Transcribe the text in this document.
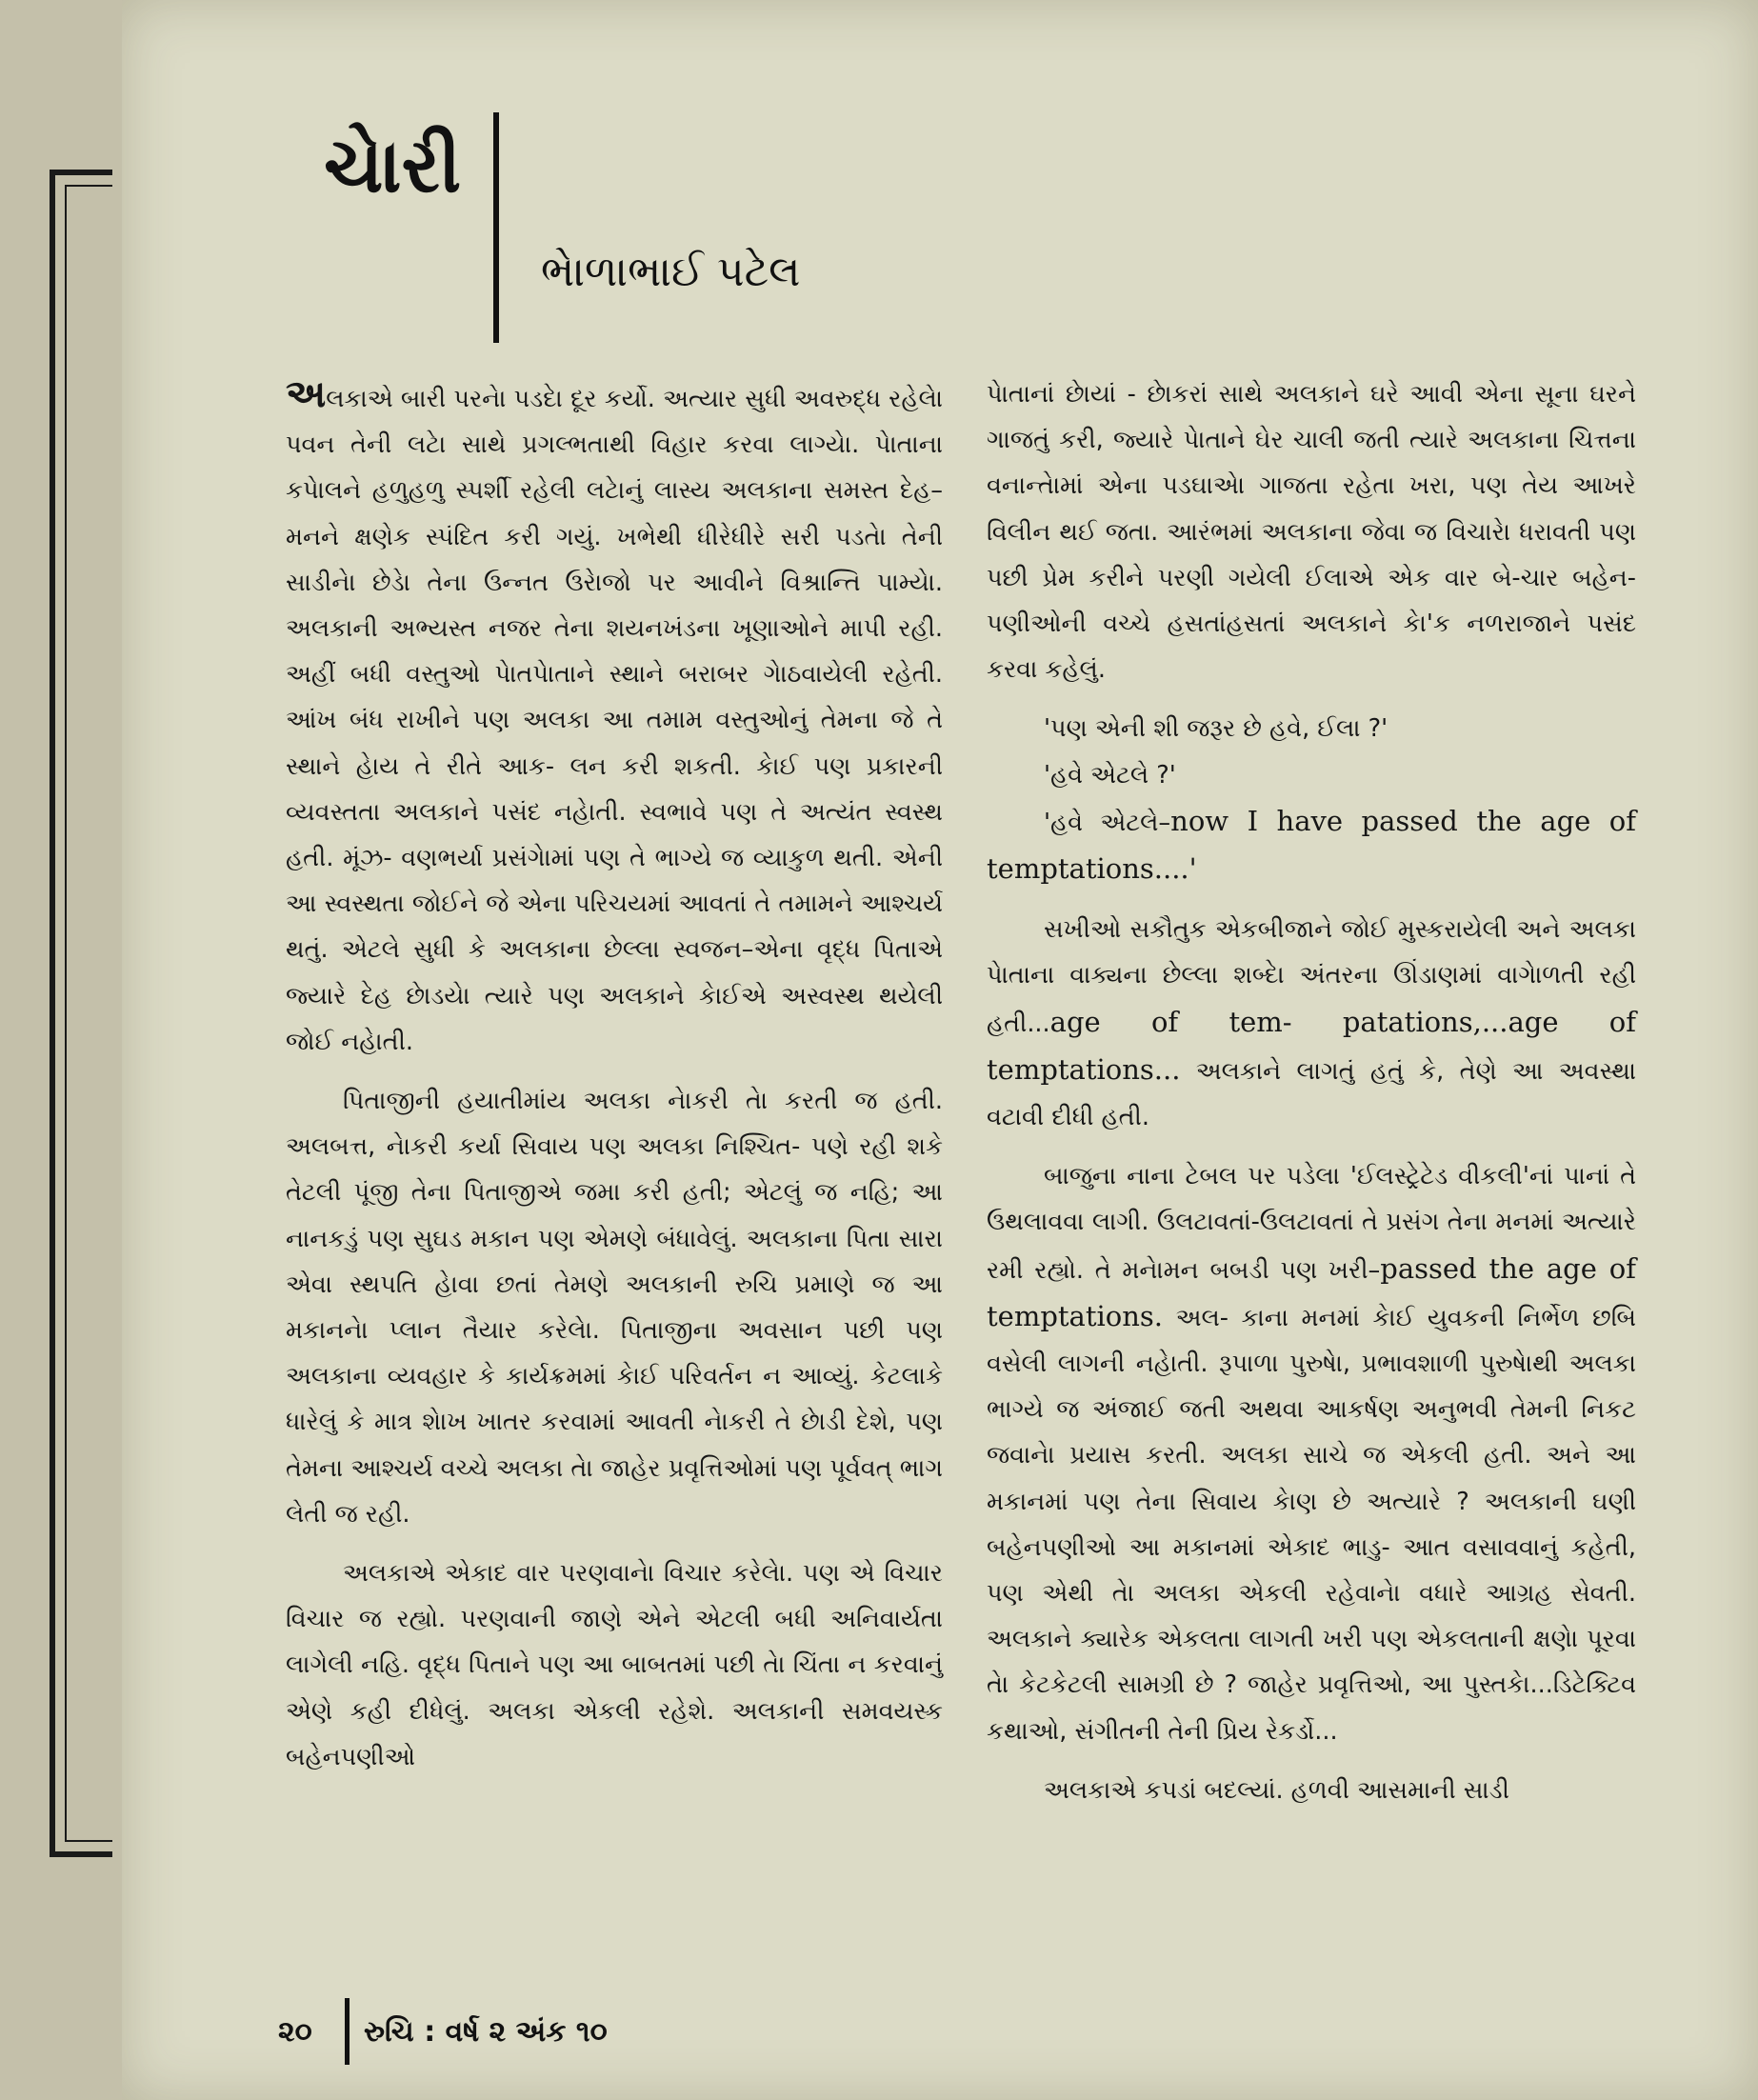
ચેારી
ભેાળાભાઈ પટેલ

અલકાએ બારી પરનેા પડદેા દૂર કર્યો. અત્યાર સુધી અવરુદ્ધ રહેલેા પવન તેની લટેા સાથે પ્રગલ્ભતાથી વિહાર કરવા લાગ્યેા. પેાતાના કપેાલને હળુહળુ સ્પર્શી રહેલી લટેાનું લાસ્ય અલકાના સમસ્ત દેહ–મનને ક્ષણેક સ્પંદિત કરી ગયું. ખભેથી ધીરેધીરે સરી પડતેા તેની સાડીનેા છેડેા તેના ઉન્નત ઉરેાજો પર આવીને વિશ્રાન્તિ પામ્યેા. અલકાની અભ્યસ્ત નજર તેના શયનખંડના ખૂણાઓને માપી રહી. અહીં બધી વસ્તુઓ પેાતપેાતાને સ્થાને બરાબર ગેાઠવાયેલી રહેતી. આંખ બંધ રાખીને પણ અલકા આ તમામ વસ્તુઓનું તેમના જે તે સ્થાને હેાય તે રીતે આક- લન કરી શકતી. કેાઈ પણ પ્રકારની વ્યવસ્તતા અલકાને પસંદ નહેાતી. સ્વભાવે પણ તે અત્યંત સ્વસ્થ હતી. મૂંઝ- વણભર્યા પ્રસંગેામાં પણ તે ભાગ્યે જ વ્યાકુળ થતી. એની આ સ્વસ્થતા જોઈને જે એના પરિચયમાં આવતાં તે તમામને આશ્ચર્ય થતું. એટલે સુધી કે અલકાના છેલ્લા સ્વજન–એના વૃદ્ધ પિતાએ જ્યારે દેહ છેાડયેા ત્યારે પણ અલકાને કેાઈએ અસ્વસ્થ થયેલી જોઈ નહેાતી.

પિતાજીની હયાતીમાંય અલકા નેાકરી તેા કરતી જ હતી. અલબત્ત, નેાકરી કર્યા સિવાય પણ અલકા નિશ્ચિત- પણે રહી શકે તેટલી પૂંજી તેના પિતાજીએ જમા કરી હતી; એટલું જ નહિ; આ નાનકડું પણ સુઘડ મકાન પણ એમણે બંધાવેલું. અલકાના પિતા સારા એવા સ્થપતિ હેાવા છતાં તેમણે અલકાની રુચિ પ્રમાણે જ આ મકાનનેા પ્લાન તૈયાર કરેલેા. પિતાજીના અવસાન પછી પણ અલકાના વ્યવહાર કે કાર્યક્રમમાં કેાઈ પરિવર્તન ન આવ્યું. કેટલાકે ધારેલું કે માત્ર શેાખ ખાતર કરવામાં આવતી નેાકરી તે છેાડી દેશે, પણ તેમના આશ્ચર્ય વચ્ચે અલકા તેા જાહેર પ્રવૃત્તિઓમાં પણ પૂર્વવત્ ભાગ લેતી જ રહી.

અલકાએ એકાદ વાર પરણવાનેા વિચાર કરેલેા. પણ એ વિચાર વિચાર જ રહ્યો. પરણવાની જાણે એને એટલી બધી અનિવાર્યતા લાગેલી નહિ. વૃદ્ધ પિતાને પણ આ બાબતમાં પછી તેા ચિંતા ન કરવાનું એણે કહી દીધેલું. અલકા એકલી રહેશે. અલકાની સમવયસ્ક બહેનપણીઓ

પેાતાનાં છેાયાં - છેાકરાં સાથે અલકાને ઘરે આવી એના સૂના ઘરને ગાજતું કરી, જ્યારે પેાતાને ઘેર ચાલી જતી ત્યારે અલકાના ચિત્તના વનાન્તેામાં એના પડઘાએા ગાજતા રહેતા ખરા, પણ તેય આખરે વિલીન થઈ જતા. આરંભમાં અલકાના જેવા જ વિચારેા ધરાવતી પણ પછી પ્રેમ કરીને પરણી ગયેલી ઈલાએ એક વાર બે-ચાર બહેન- પણીઓની વચ્ચે હસતાંહસતાં અલકાને કેા'ક નળરાજાને પસંદ કરવા કહેલું.

'પણ એની શી જરૂર છે હવે, ઈલા ?'

'હવે એટલે ?'

'હવે એટલે–now I have passed the age of temptations....'

સખીઓ સકૌતુક એકબીજાને જોઈ મુસ્કરાયેલી અને અલકા પેાતાના વાક્યના છેલ્લા શબ્દેા અંતરના ઊંડાણમાં વાગેાળતી રહી હતી...age of tem- patations,...age of temptations... અલકાને લાગતું હતું કે, તેણે આ અવસ્થા વટાવી દીધી હતી.

બાજુના નાના ટેબલ પર પડેલા 'ઈલસ્ટ્રેટેડ વીકલી'નાં પાનાં તે ઉથલાવવા લાગી. ઉલટાવતાં-ઉલટાવતાં તે પ્રસંગ તેના મનમાં અત્યારે રમી રહ્યો. તે મનેામન બબડી પણ ખરી–passed the age of temptations. અલ- કાના મનમાં કેાઈ યુવકની નિર્ભેળ છબિ વસેલી લાગની નહેાતી. રૂપાળા પુરુષેા, પ્રભાવશાળી પુરુષેાથી અલકા ભાગ્યે જ અંજાઈ જતી અથવા આકર્ષણ અનુભવી તેમની નિકટ જવાનેા પ્રયાસ કરતી. અલકા સાચે જ એકલી હતી. અને આ મકાનમાં પણ તેના સિવાય કેાણ છે અત્યારે ? અલકાની ઘણી બહેનપણીઓ આ મકાનમાં એકાદ ભાડુ- આત વસાવવાનું કહેતી, પણ એથી તેા અલકા એકલી રહેવાનેા વધારે આગ્રહ સેવતી. અલકાને ક્યારેક એકલતા લાગતી ખરી પણ એકલતાની ક્ષણેા પૂરવા તેા કેટકેટલી સામગ્રી છે ? જાહેર પ્રવૃત્તિઓ, આ પુસ્તકેા...ડિટેક્ટિવ કથાઓ, સંગીતની તેની પ્રિય રેકર્ડો...

અલકાએ કપડાં બદલ્યાં. હળવી આસમાની સાડી

૨૦ રુચિ : વર્ષ ૨ અંક ૧૦
